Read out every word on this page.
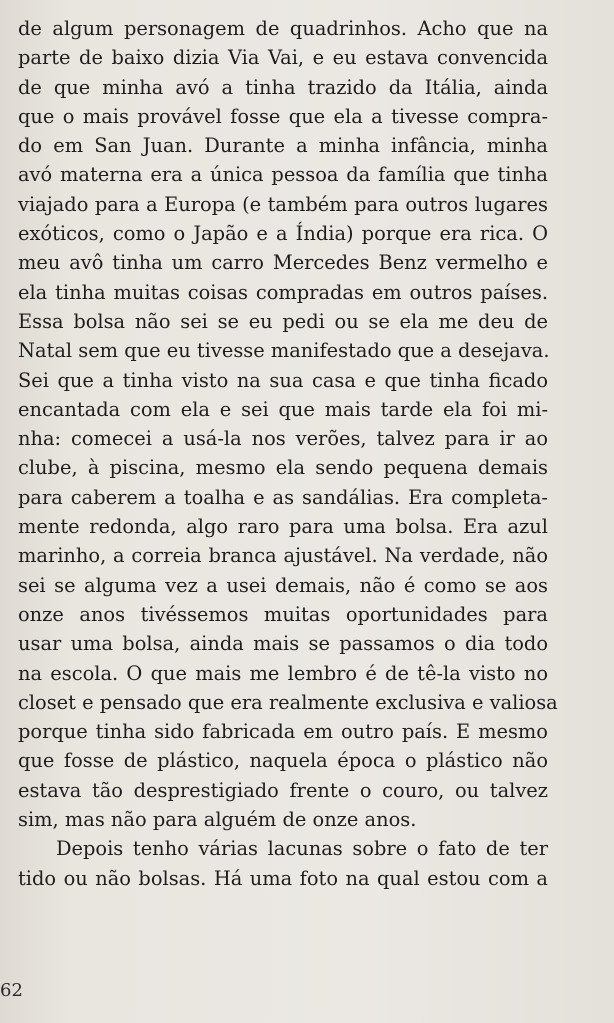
de algum personagem de quadrinhos. Acho que na
parte de baixo dizia Via Vai, e eu estava convencida
de que minha avó a tinha trazido da Itália, ainda
que o mais provável fosse que ela a tivesse compra-
do em San Juan. Durante a minha infância, minha
avó materna era a única pessoa da família que tinha
viajado para a Europa (e também para outros lugares
exóticos, como o Japão e a Índia) porque era rica. O
meu avô tinha um carro Mercedes Benz vermelho e
ela tinha muitas coisas compradas em outros países.
Essa bolsa não sei se eu pedi ou se ela me deu de
Natal sem que eu tivesse manifestado que a desejava.
Sei que a tinha visto na sua casa e que tinha ficado
encantada com ela e sei que mais tarde ela foi mi-
nha: comecei a usá-la nos verões, talvez para ir ao
clube, à piscina, mesmo ela sendo pequena demais
para caberem a toalha e as sandálias. Era completa-
mente redonda, algo raro para uma bolsa. Era azul
marinho, a correia branca ajustável. Na verdade, não
sei se alguma vez a usei demais, não é como se aos
onze anos tivéssemos muitas oportunidades para
usar uma bolsa, ainda mais se passamos o dia todo
na escola. O que mais me lembro é de tê-la visto no
closet e pensado que era realmente exclusiva e valiosa
porque tinha sido fabricada em outro país. E mesmo
que fosse de plástico, naquela época o plástico não
estava tão desprestigiado frente o couro, ou talvez
sim, mas não para alguém de onze anos.
Depois tenho várias lacunas sobre o fato de ter
tido ou não bolsas. Há uma foto na qual estou com a
62
